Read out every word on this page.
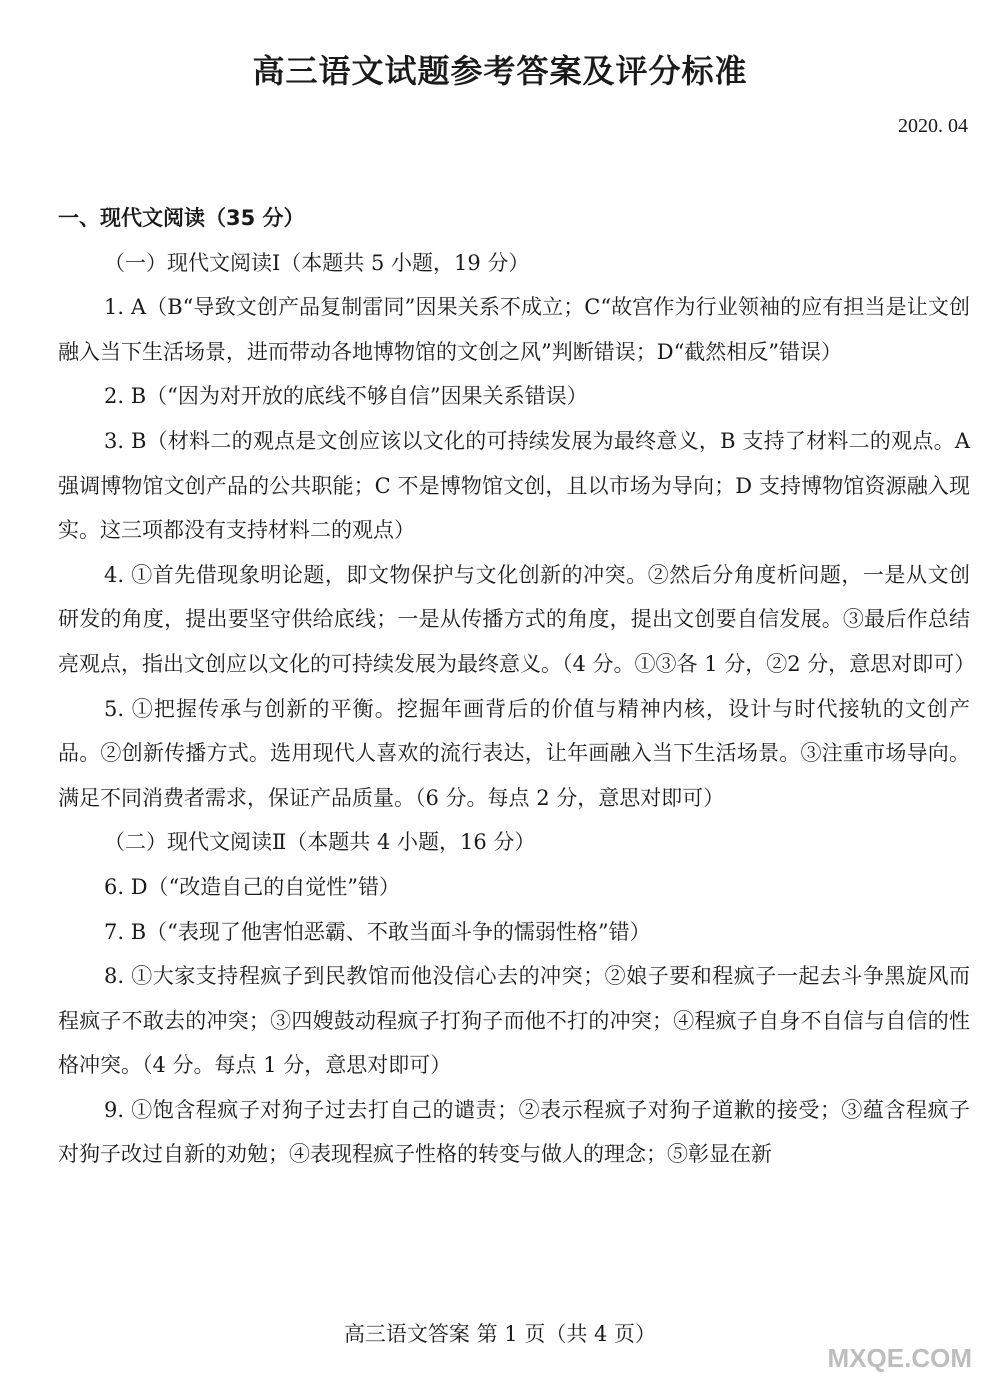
高三语文试题参考答案及评分标准
2020. 04

一、现代文阅读（35 分）

（一）现代文阅读Ⅰ（本题共 5 小题，19 分）

1. A（B“导致文创产品复制雷同”因果关系不成立；C“故宫作为行业领袖的应有担当是让文创融入当下生活场景，进而带动各地博物馆的文创之风”判断错误；D“截然相反”错误）

2. B（“因为对开放的底线不够自信”因果关系错误）

3. B（材料二的观点是文创应该以文化的可持续发展为最终意义，B 支持了材料二的观点。A 强调博物馆文创产品的公共职能；C 不是博物馆文创，且以市场为导向；D 支持博物馆资源融入现实。这三项都没有支持材料二的观点）

4. ①首先借现象明论题，即文物保护与文化创新的冲突。②然后分角度析问题，一是从文创研发的角度，提出要坚守供给底线；一是从传播方式的角度，提出文创要自信发展。③最后作总结亮观点，指出文创应以文化的可持续发展为最终意义。（4 分。①③各 1 分，②2 分，意思对即可）

5. ①把握传承与创新的平衡。挖掘年画背后的价值与精神内核，设计与时代接轨的文创产品。②创新传播方式。选用现代人喜欢的流行表达，让年画融入当下生活场景。③注重市场导向。满足不同消费者需求，保证产品质量。（6 分。每点 2 分，意思对即可）

（二）现代文阅读Ⅱ（本题共 4 小题，16 分）

6. D（“改造自己的自觉性”错）

7. B（“表现了他害怕恶霸、不敢当面斗争的懦弱性格”错）

8. ①大家支持程疯子到民教馆而他没信心去的冲突；②娘子要和程疯子一起去斗争黑旋风而程疯子不敢去的冲突；③四嫂鼓动程疯子打狗子而他不打的冲突；④程疯子自身不自信与自信的性格冲突。（4 分。每点 1 分，意思对即可）

9. ①饱含程疯子对狗子过去打自己的谴责；②表示程疯子对狗子道歉的接受；③蕴含程疯子对狗子改过自新的劝勉；④表现程疯子性格的转变与做人的理念；⑤彰显在新

高三语文答案 第 1 页（共 4 页）
MXQE.COM
